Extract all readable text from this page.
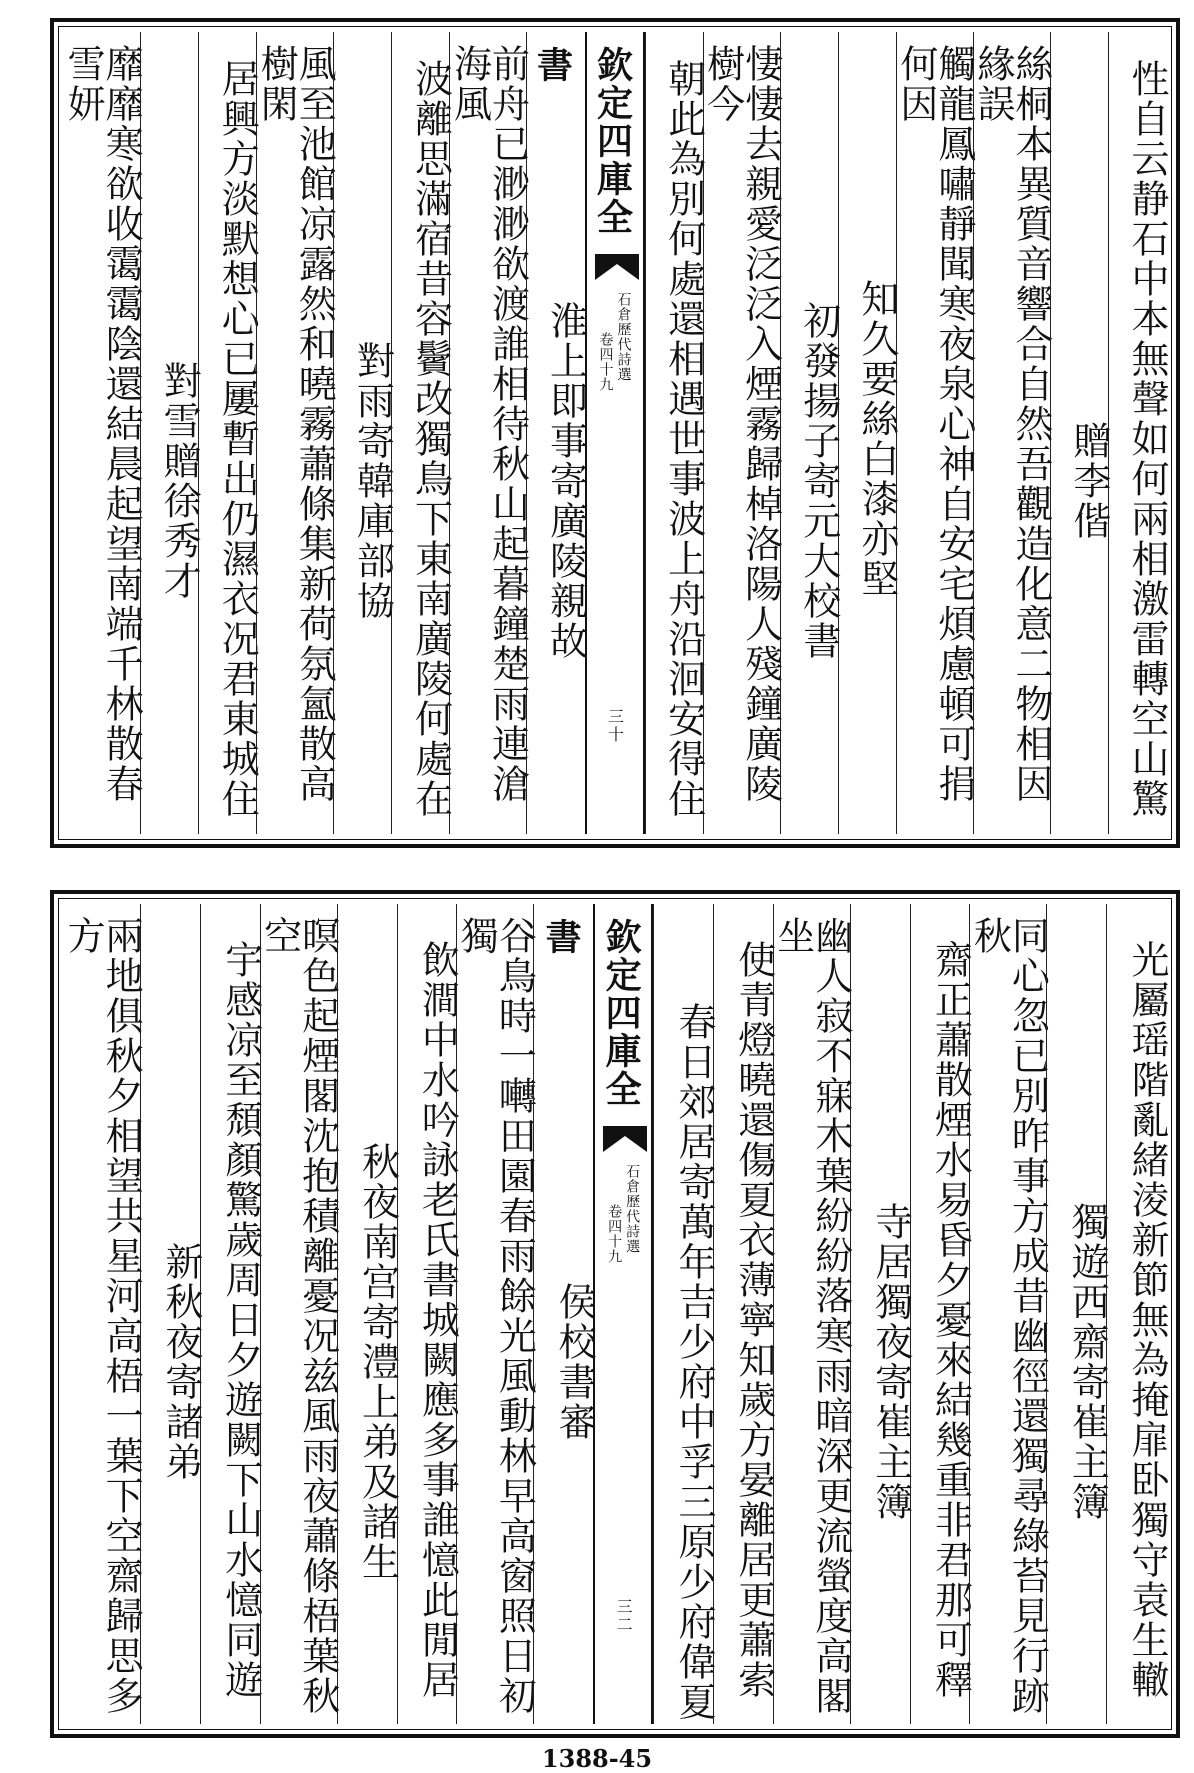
性自云静石中本無聲如何兩相激雷轉空山驚
贈李偕
絲桐本異質音響合自然吾觀造化意二物相因緣誤
觸龍鳳嘯靜聞寒夜泉心神自安宅煩慮頓可捐何因
知久要絲白漆亦堅
初發揚子寄元大校書
悽悽去親愛泛泛入煙霧歸棹洛陽人殘鐘廣陵樹今
朝此為別何處還相遇世事波上舟沿洄安得住
欽定四庫全書
石倉歷代詩選
卷四十九
三十
淮上即事寄廣陵親故
前舟已渺渺欲渡誰相待秋山起暮鐘楚雨連滄海風
波離思滿宿昔容鬢改獨鳥下東南廣陵何處在
對雨寄韓庫部協
風至池館凉露然和曉霧蕭條集新荷氛氳散高樹閑
居興方淡默想心已屢暫出仍濕衣况君東城住
對雪贈徐秀才
靡靡寒欲收霭霭陰還結晨起望南端千林散春雪妍
光屬瑶階亂緒淩新節無為掩扉卧獨守袁生轍
獨遊西齋寄崔主簿
同心忽已別昨事方成昔幽徑還獨尋綠苔見行跡秋
齋正蕭散煙水易昏夕憂來結幾重非君那可釋
寺居獨夜寄崔主簿
幽人寂不寐木葉紛紛落寒雨暗深更流螢度高閣坐
使青燈曉還傷夏衣薄寧知歲方晏離居更蕭索
春日郊居寄萬年吉少府中孚三原少府偉夏
欽定四庫全書
石倉歷代詩選
卷四十九
三二
侯校書審
谷鳥時一囀田園春雨餘光風動林早高窗照日初獨
飲澗中水吟詠老氏書城闕應多事誰憶此閒居
秋夜南宫寄澧上弟及諸生
暝色起煙閣沈抱積離憂况兹風雨夜蕭條梧葉秋空
宇感凉至頹顏驚歲周日夕遊闕下山水憶同遊
新秋夜寄諸弟
兩地俱秋夕相望共星河高梧一葉下空齋歸思多方
1388-45
